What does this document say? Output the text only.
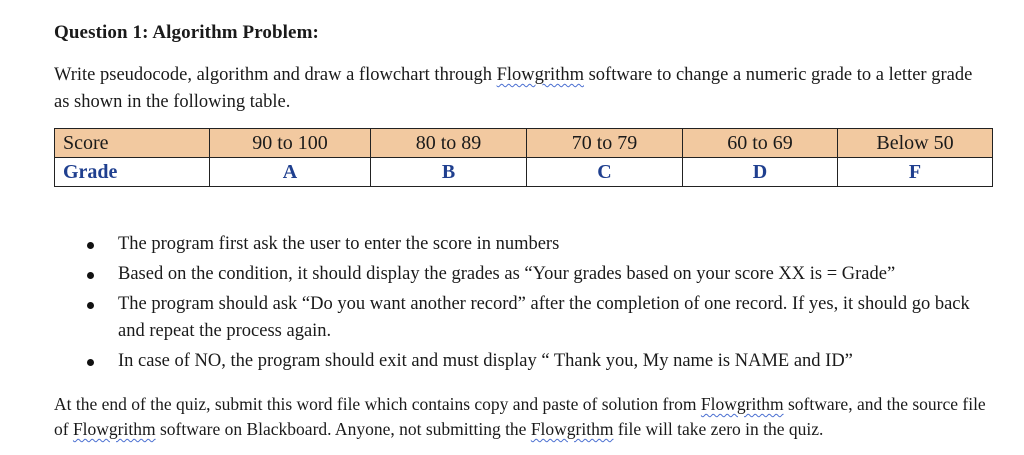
Question 1: Algorithm Problem:
Write pseudocode, algorithm and draw a flowchart through Flowgrithm software to change a numeric grade to a letter grade as shown in the following table.
Score	90 to 100	80 to 89	70 to 79	60 to 69	Below 50
Grade	A	B	C	D	F
The program first ask the user to enter the score in numbers
Based on the condition, it should display the grades as “Your grades based on your score XX is = Grade”
The program should ask “Do you want another record” after the completion of one record. If yes, it should go back and repeat the process again.
In case of NO, the program should exit and must display “ Thank you, My name is NAME and ID”
At the end of the quiz, submit this word file which contains copy and paste of solution from Flowgrithm software, and the source file of Flowgrithm software on Blackboard. Anyone, not submitting the Flowgrithm file will take zero in the quiz.
